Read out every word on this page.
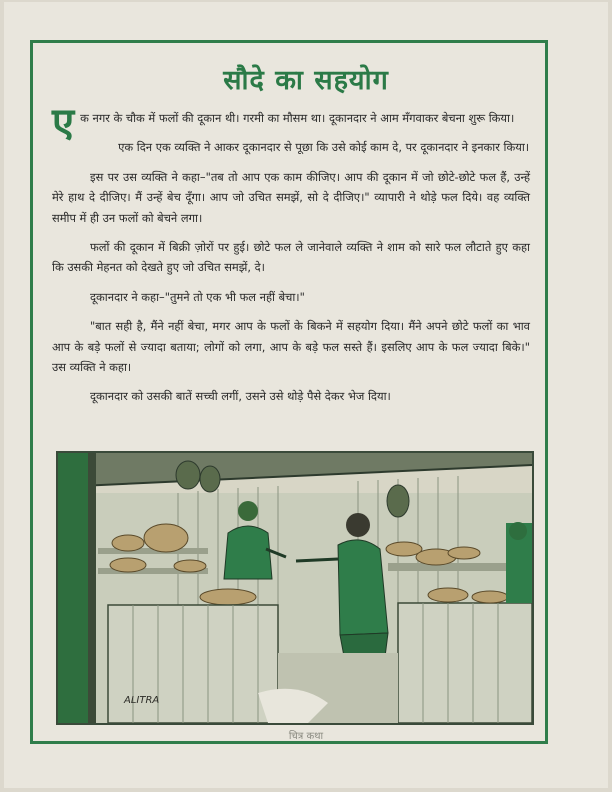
सौदे का सहयोग

एक नगर के चौक में फलों की दूकान थी। गरमी का मौसम था। दूकानदार ने आम मँगवाकर बेचना शुरू किया।

एक दिन एक व्यक्ति ने आकर दूकानदार से पूछा कि उसे कोई काम दे, पर दूकानदार ने इनकार किया।

इस पर उस व्यक्ति ने कहा–"तब तो आप एक काम कीजिए। आप की दूकान में जो छोटे-छोटे फल हैं, उन्हें मेरे हाथ दे दीजिए। मैं उन्हें बेच दूँगा। आप जो उचित समझें, सो दे दीजिए।" व्यापारी ने थोड़े फल दिये। वह व्यक्ति समीप में ही उन फलों को बेचने लगा।

फलों की दूकान में बिक्री ज़ोरों पर हुई। छोटे फल ले जानेवाले व्यक्ति ने शाम को सारे फल लौटाते हुए कहा कि उसकी मेहनत को देखते हुए जो उचित समझें, दे।

दूकानदार ने कहा–"तुमने तो एक भी फल नहीं बेचा।"

"बात सही है, मैंने नहीं बेचा, मगर आप के फलों के बिकने में सहयोग दिया। मैंने अपने छोटे फलों का भाव आप के बड़े फलों से ज्यादा बताया; लोगों को लगा, आप के बड़े फल सस्ते हैं। इसलिए आप के फल ज्यादा बिके।" उस व्यक्ति ने कहा।

दूकानदार को उसकी बातें सच्ची लगीं, उसने उसे थोड़े पैसे देकर भेज दिया।

ALITRA
चित्र कथा
